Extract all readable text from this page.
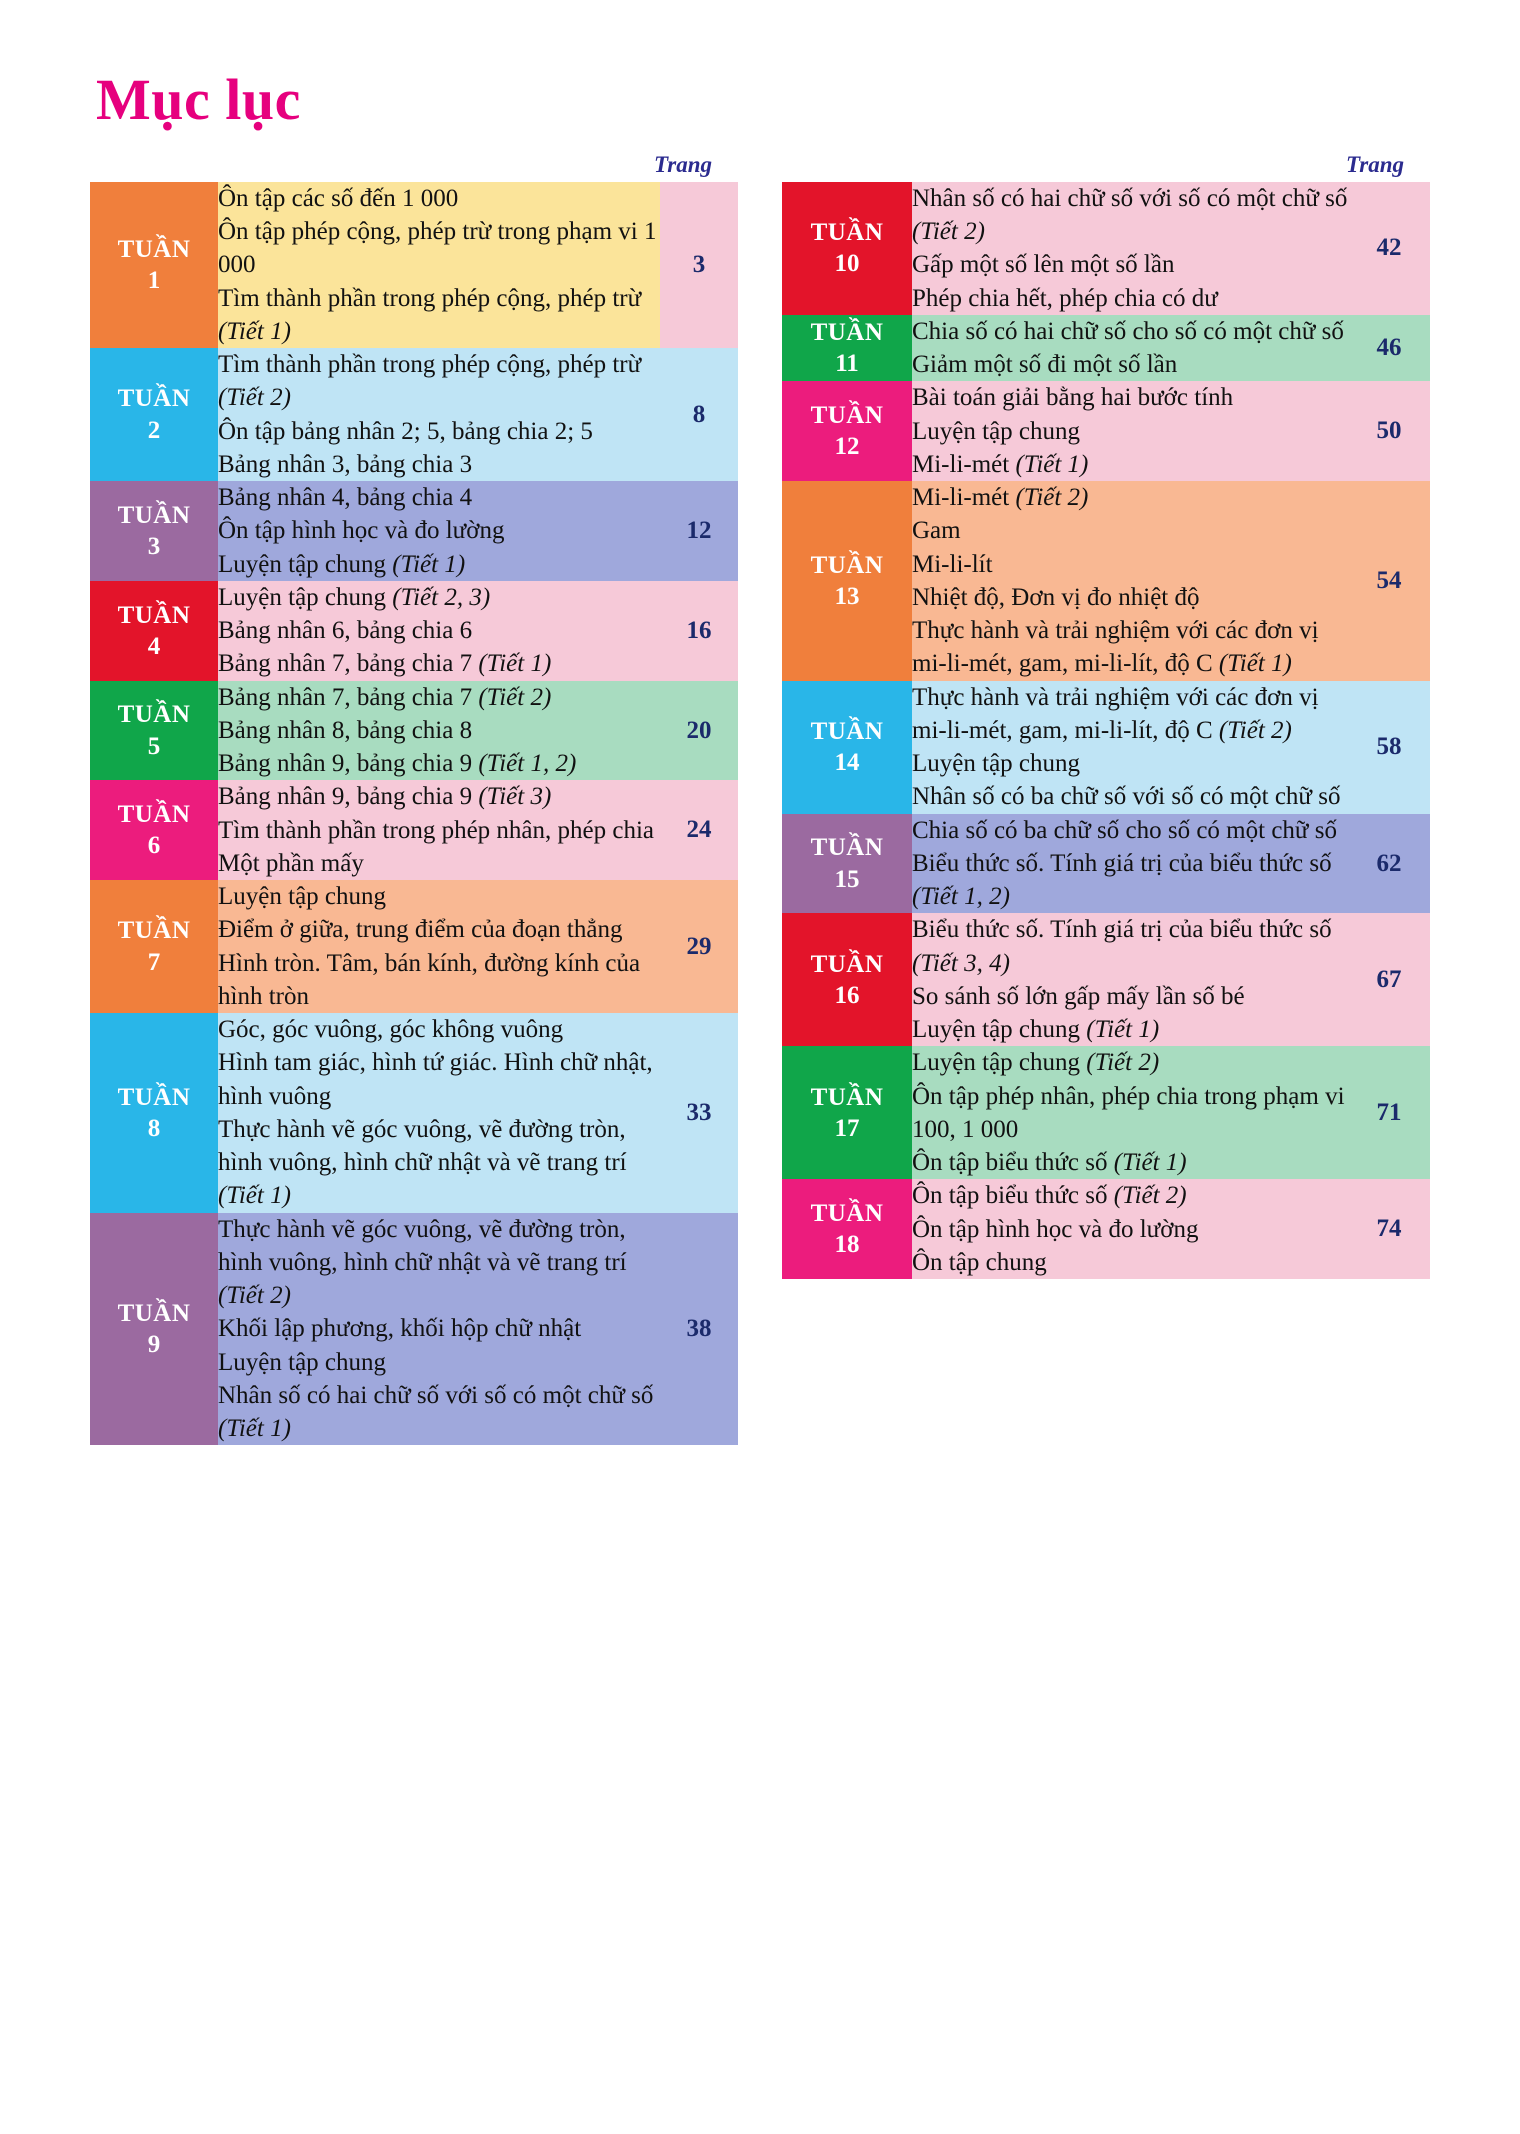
Mục lục
Trang
TUẦN
1	Ôn tập các số đến 1 000
Ôn tập phép cộng, phép trừ trong phạm vi 1 000
Tìm thành phần trong phép cộng, phép trừ (Tiết 1)	3

TUẦN
2	Tìm thành phần trong phép cộng, phép trừ (Tiết 2)
Ôn tập bảng nhân 2; 5, bảng chia 2; 5
Bảng nhân 3, bảng chia 3	8

TUẦN
3	Bảng nhân 4, bảng chia 4
Ôn tập hình học và đo lường
Luyện tập chung (Tiết 1)	12

TUẦN
4	Luyện tập chung (Tiết 2, 3)
Bảng nhân 6, bảng chia 6
Bảng nhân 7, bảng chia 7 (Tiết 1)	16

TUẦN
5	Bảng nhân 7, bảng chia 7 (Tiết 2)
Bảng nhân 8, bảng chia 8
Bảng nhân 9, bảng chia 9 (Tiết 1, 2)	20

TUẦN
6	Bảng nhân 9, bảng chia 9 (Tiết 3)
Tìm thành phần trong phép nhân, phép chia
Một phần mấy	24

TUẦN
7	Luyện tập chung
Điểm ở giữa, trung điểm của đoạn thẳng
Hình tròn. Tâm, bán kính, đường kính của hình tròn	29

TUẦN
8	Góc, góc vuông, góc không vuông
Hình tam giác, hình tứ giác. Hình chữ nhật, hình vuông
Thực hành vẽ góc vuông, vẽ đường tròn, hình vuông, hình chữ nhật và vẽ trang trí (Tiết 1)	33

TUẦN
9	Thực hành vẽ góc vuông, vẽ đường tròn, hình vuông, hình chữ nhật và vẽ trang trí (Tiết 2)
Khối lập phương, khối hộp chữ nhật
Luyện tập chung
Nhân số có hai chữ số với số có một chữ số (Tiết 1)	38
Trang
TUẦN
10	Nhân số có hai chữ số với số có một chữ số (Tiết 2)
Gấp một số lên một số lần
Phép chia hết, phép chia có dư	42

TUẦN
11	Chia số có hai chữ số cho số có một chữ số
Giảm một số đi một số lần	46

TUẦN
12	Bài toán giải bằng hai bước tính
Luyện tập chung
Mi-li-mét (Tiết 1)	50

TUẦN
13	Mi-li-mét (Tiết 2)
Gam
Mi-li-lít
Nhiệt độ, Đơn vị đo nhiệt độ
Thực hành và trải nghiệm với các đơn vị mi-li-mét, gam, mi-li-lít, độ C (Tiết 1)	54

TUẦN
14	Thực hành và trải nghiệm với các đơn vị mi-li-mét, gam, mi-li-lít, độ C (Tiết 2)
Luyện tập chung
Nhân số có ba chữ số với số có một chữ số	58

TUẦN
15	Chia số có ba chữ số cho số có một chữ số
Biểu thức số. Tính giá trị của biểu thức số (Tiết 1, 2)	62

TUẦN
16	Biểu thức số. Tính giá trị của biểu thức số (Tiết 3, 4)
So sánh số lớn gấp mấy lần số bé
Luyện tập chung (Tiết 1)	67

TUẦN
17	Luyện tập chung (Tiết 2)
Ôn tập phép nhân, phép chia trong phạm vi 100, 1 000
Ôn tập biểu thức số (Tiết 1)	71

TUẦN
18	Ôn tập biểu thức số (Tiết 2)
Ôn tập hình học và đo lường
Ôn tập chung	74
